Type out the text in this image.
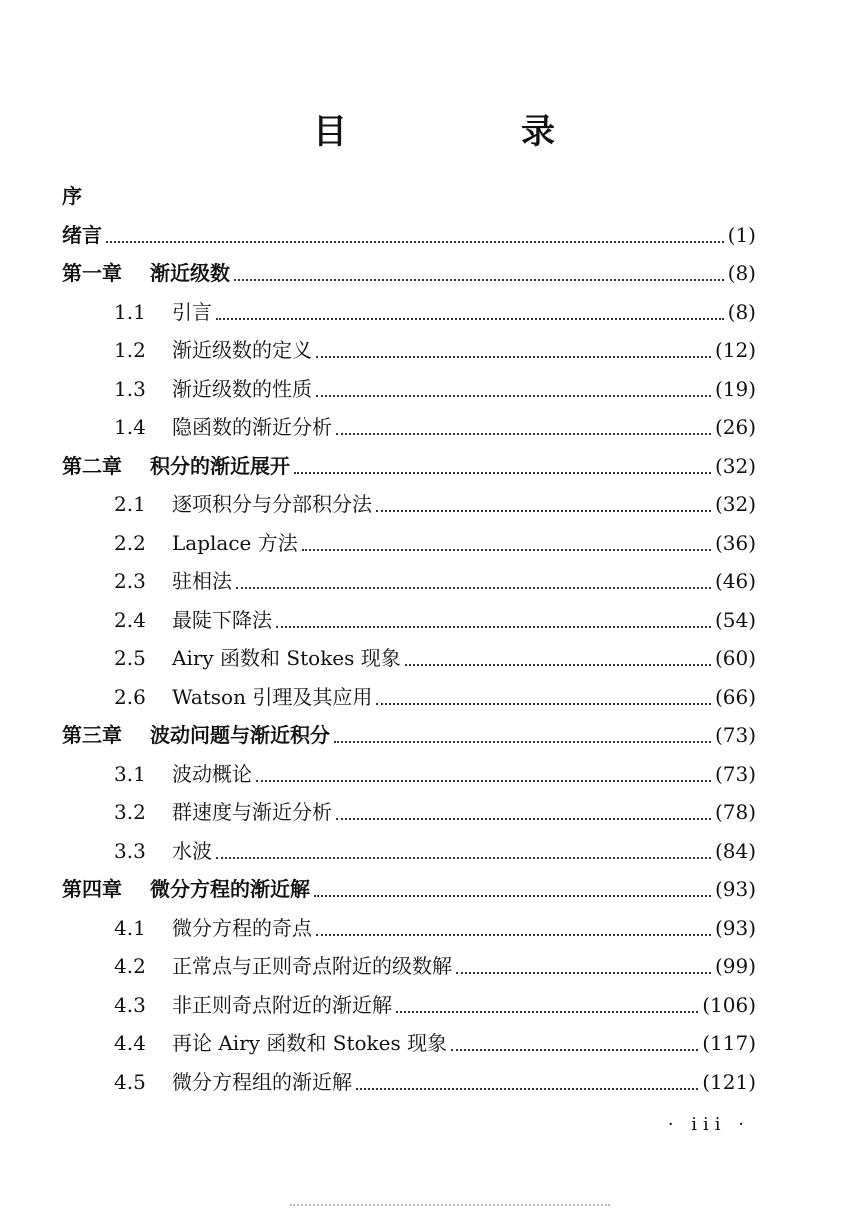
目　录
序
绪言	(1)
第一章 渐近级数	(8)
1.1	引言	(8)
1.2	渐近级数的定义	(12)
1.3	渐近级数的性质	(19)
1.4	隐函数的渐近分析	(26)
第二章 积分的渐近展开	(32)
2.1	逐项积分与分部积分法	(32)
2.2	Laplace 方法	(36)
2.3	驻相法	(46)
2.4	最陡下降法	(54)
2.5	Airy 函数和 Stokes 现象	(60)
2.6	Watson 引理及其应用	(66)
第三章 波动问题与渐近积分	(73)
3.1	波动概论	(73)
3.2	群速度与渐近分析	(78)
3.3	水波	(84)
第四章 微分方程的渐近解	(93)
4.1	微分方程的奇点	(93)
4.2	正常点与正则奇点附近的级数解	(99)
4.3	非正则奇点附近的渐近解	(106)
4.4	再论 Airy 函数和 Stokes 现象	(117)
4.5	微分方程组的渐近解	(121)
· iii ·
